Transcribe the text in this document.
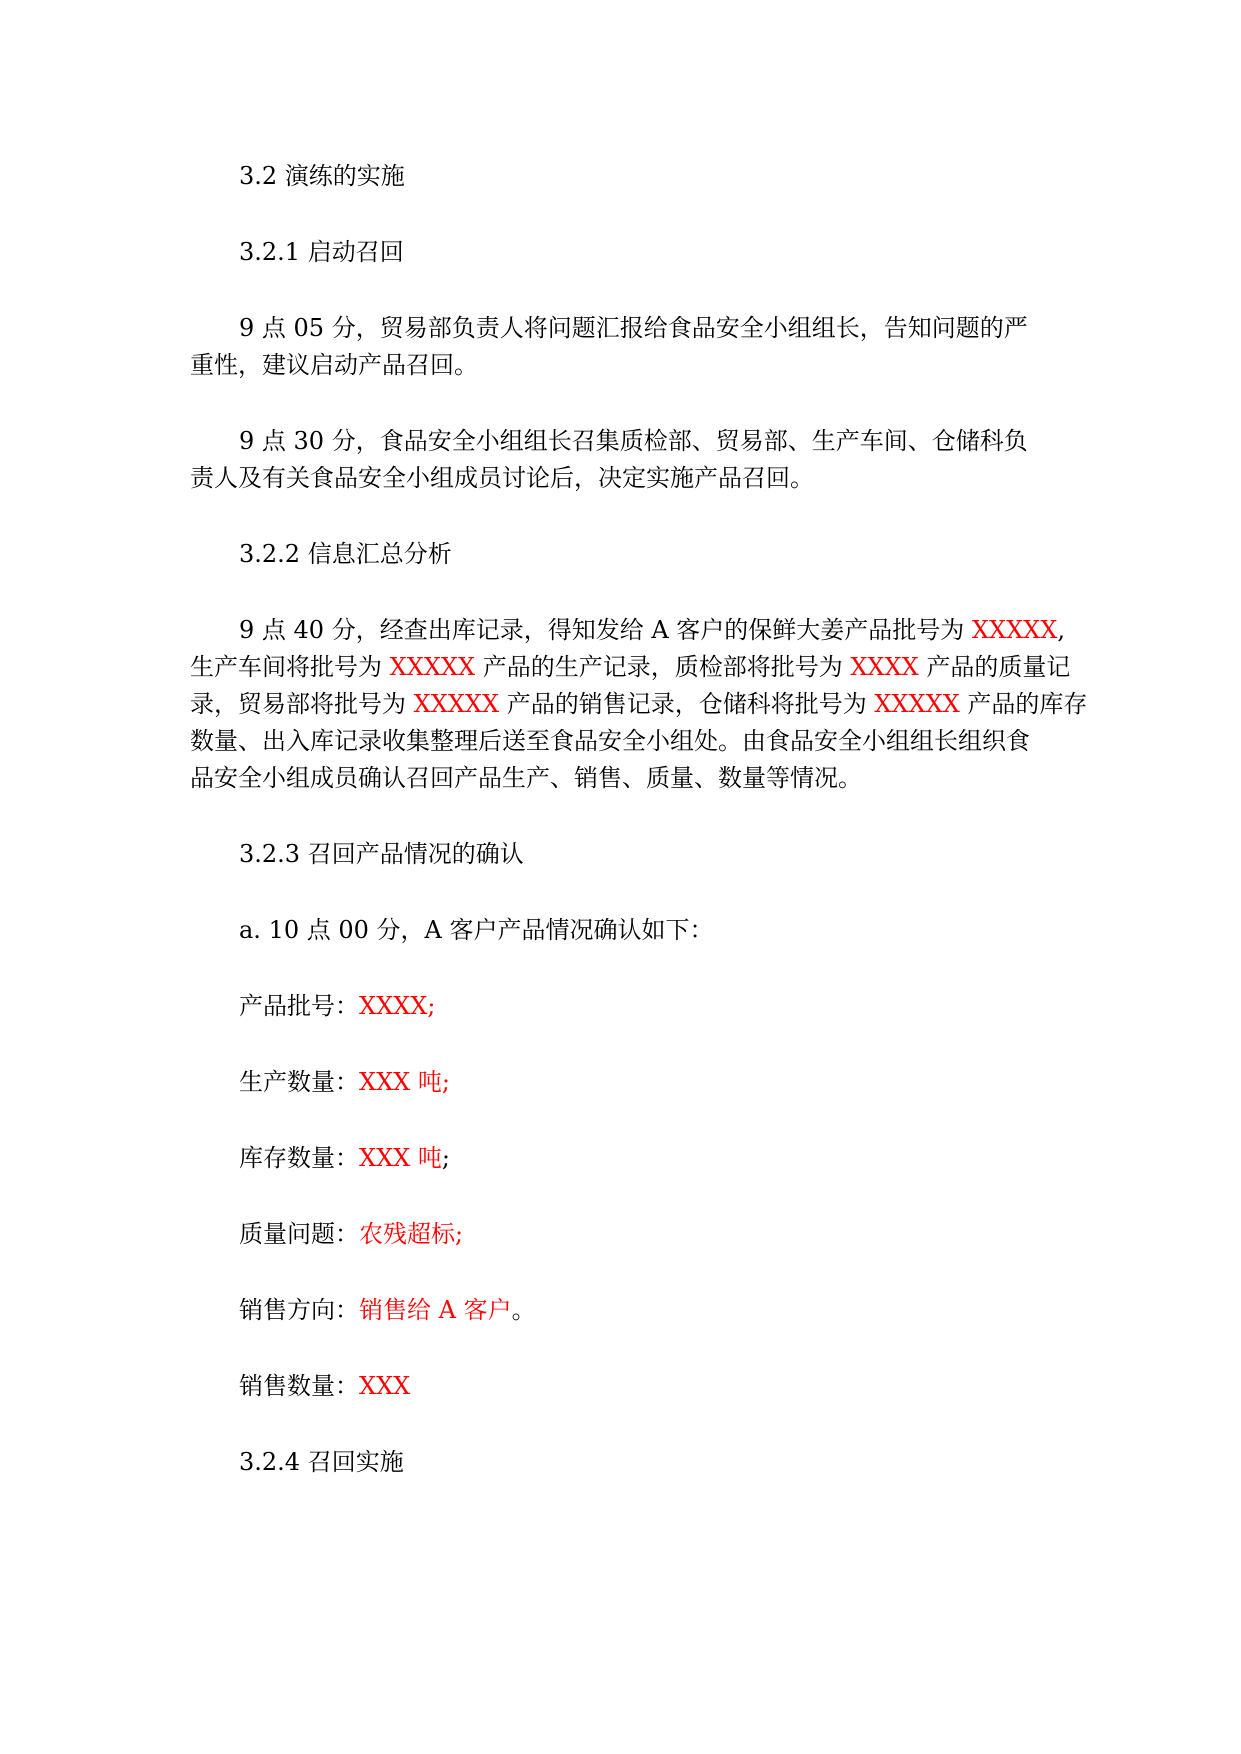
3.2 演练的实施

3.2.1 启动召回

9 点 05 分，贸易部负责人将问题汇报给食品安全小组组长，告知问题的严

重性，建议启动产品召回。

9 点 30 分，食品安全小组组长召集质检部、贸易部、生产车间、仓储科负

责人及有关食品安全小组成员讨论后，决定实施产品召回。

3.2.2 信息汇总分析

9 点 40 分，经查出库记录，得知发给 A 客户的保鲜大姜产品批号为 XXXXX,

生产车间将批号为 XXXXX 产品的生产记录，质检部将批号为 XXXX 产品的质量记

录，贸易部将批号为 XXXXX 产品的销售记录，仓储科将批号为 XXXXX 产品的库存

数量、出入库记录收集整理后送至食品安全小组处。由食品安全小组组长组织食

品安全小组成员确认召回产品生产、销售、质量、数量等情况。

3.2.3 召回产品情况的确认

a. 10 点 00 分，A 客户产品情况确认如下：

产品批号：XXXX;

生产数量：XXX 吨;

库存数量：XXX 吨;

质量问题：农残超标;

销售方向：销售给 A 客户。

销售数量：XXX

3.2.4 召回实施
